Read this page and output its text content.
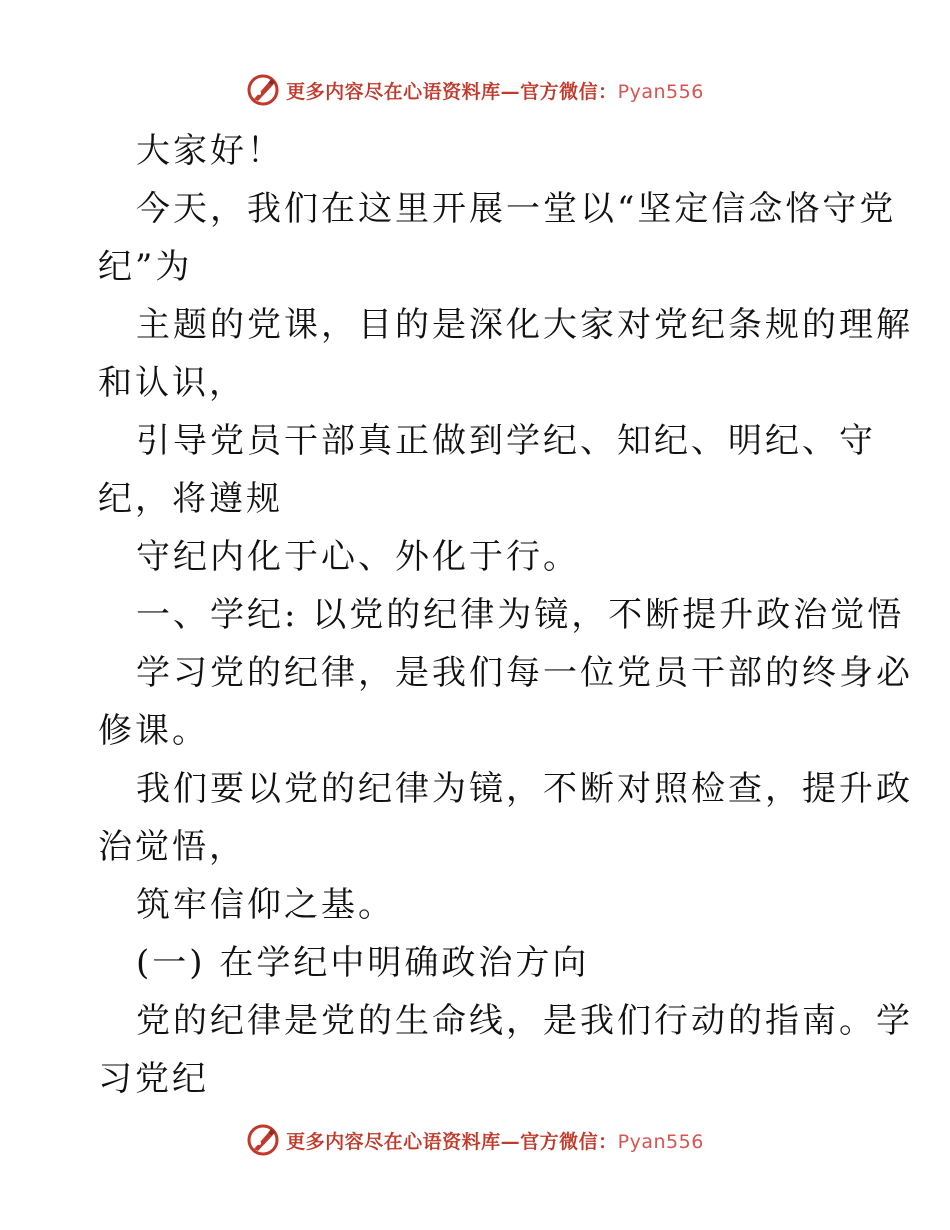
更多内容尽在心语资料库—官方微信：Pyan556
大家好！
今天，我们在这里开展一堂以“坚定信念恪守党
纪”为
主题的党课，目的是深化大家对党纪条规的理解
和认识，
引导党员干部真正做到学纪、知纪、明纪、守
纪，将遵规
守纪内化于心、外化于行。
一、学纪: 以党的纪律为镜，不断提升政治觉悟
学习党的纪律，是我们每一位党员干部的终身必
修课。
我们要以党的纪律为镜，不断对照检查，提升政
治觉悟，
筑牢信仰之基。
(一) 在学纪中明确政治方向
党的纪律是党的生命线，是我们行动的指南。学
习党纪
更多内容尽在心语资料库—官方微信：Pyan556
